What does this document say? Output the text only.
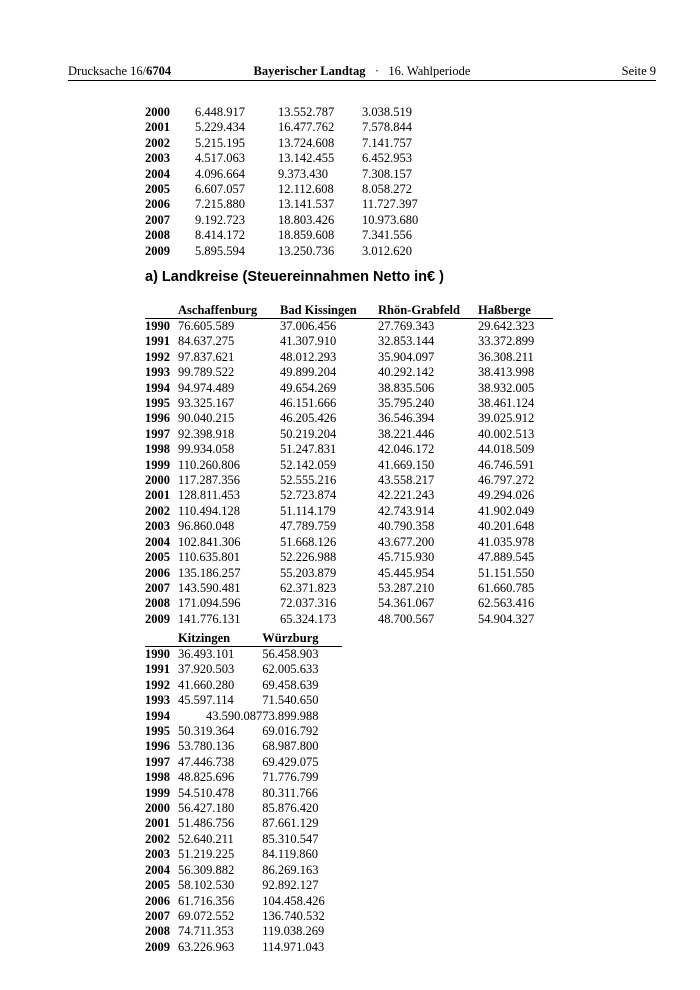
Drucksache 16/6704	Bayerischer Landtag · 16. Wahlperiode	Seite 9
2000	6.448.917	13.552.787	3.038.519
2001	5.229.434	16.477.762	7.578.844
2002	5.215.195	13.724.608	7.141.757
2003	4.517.063	13.142.455	6.452.953
2004	4.096.664	9.373.430	7.308.157
2005	6.607.057	12.112.608	8.058.272
2006	7.215.880	13.141.537	11.727.397
2007	9.192.723	18.803.426	10.973.680
2008	8.414.172	18.859.608	7.341.556
2009	5.895.594	13.250.736	3.012.620
a) Landkreise (Steuereinnahmen Netto in€ )
	Aschaffenburg	Bad Kissingen	Rhön-Grabfeld	Haßberge
1990	76.605.589	37.006.456	27.769.343	29.642.323
1991	84.637.275	41.307.910	32.853.144	33.372.899
1992	97.837.621	48.012.293	35.904.097	36.308.211
1993	99.789.522	49.899.204	40.292.142	38.413.998
1994	94.974.489	49.654.269	38.835.506	38.932.005
1995	93.325.167	46.151.666	35.795.240	38.461.124
1996	90.040.215	46.205.426	36.546.394	39.025.912
1997	92.398.918	50.219.204	38.221.446	40.002.513
1998	99.934.058	51.247.831	42.046.172	44.018.509
1999	110.260.806	52.142.059	41.669.150	46.746.591
2000	117.287.356	52.555.216	43.558.217	46.797.272
2001	128.811.453	52.723.874	42.221.243	49.294.026
2002	110.494.128	51.114.179	42.743.914	41.902.049
2003	96.860.048	47.789.759	40.790.358	40.201.648
2004	102.841.306	51.668.126	43.677.200	41.035.978
2005	110.635.801	52.226.988	45.715.930	47.889.545
2006	135.186.257	55.203.879	45.445.954	51.151.550
2007	143.590.481	62.371.823	53.287.210	61.660.785
2008	171.094.596	72.037.316	54.361.067	62.563.416
2009	141.776.131	65.324.173	48.700.567	54.904.327
	Kitzingen	Würzburg
1990	36.493.101	56.458.903
1991	37.920.503	62.005.633
1992	41.660.280	69.458.639
1993	45.597.114	71.540.650
1994	43.590.087	73.899.988
1995	50.319.364	69.016.792
1996	53.780.136	68.987.800
1997	47.446.738	69.429.075
1998	48.825.696	71.776.799
1999	54.510.478	80.311.766
2000	56.427.180	85.876.420
2001	51.486.756	87.661.129
2002	52.640.211	85.310.547
2003	51.219.225	84.119.860
2004	56.309.882	86.269.163
2005	58.102.530	92.892.127
2006	61.716.356	104.458.426
2007	69.072.552	136.740.532
2008	74.711.353	119.038.269
2009	63.226.963	114.971.043
